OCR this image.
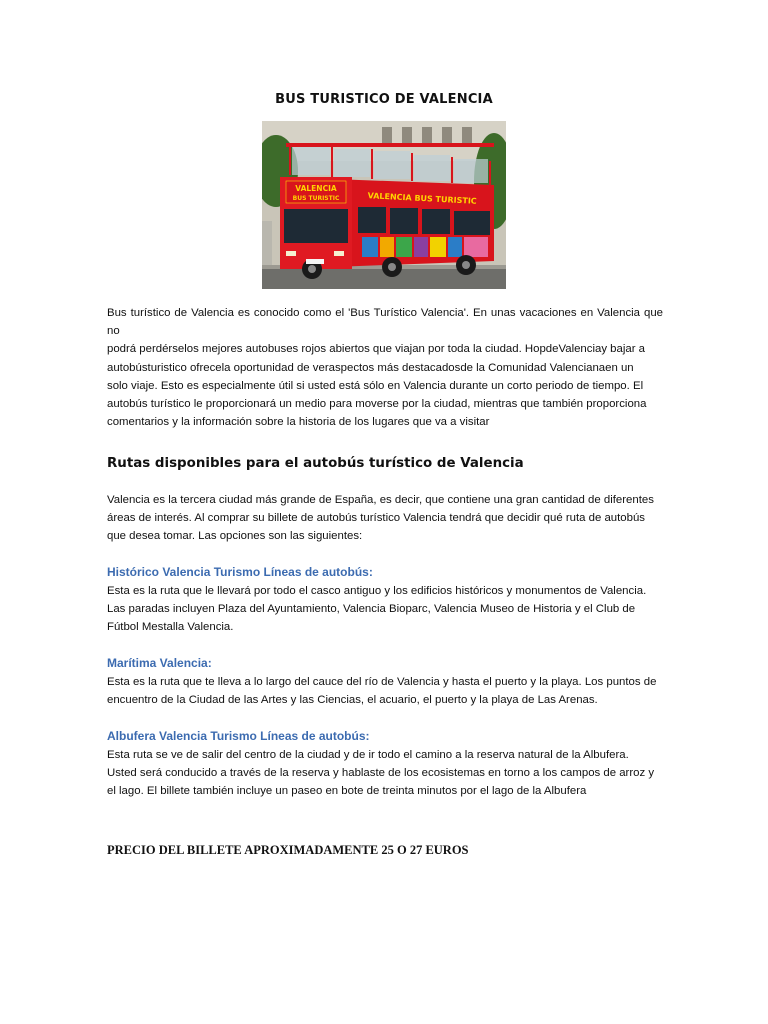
BUS TURISTICO DE VALENCIA
VALENCIA
BUS TURISTIC	VALENCIA BUS TURISTIC
Bus turístico de Valencia es conocido como el 'Bus Turístico Valencia'. En unas vacaciones en Valencia que no
podrá perdérselos mejores autobuses rojos abiertos que viajan por toda la ciudad. HopdeValenciay bajar a
autobústuristico ofrecela oportunidad de veraspectos más destacadosde la Comunidad Valencianaen un
solo viaje. Esto es especialmente útil si usted está sólo en Valencia durante un corto periodo de tiempo. El
autobús turístico le proporcionará un medio para moverse por la ciudad, mientras que también proporciona
comentarios y la información sobre la historia de los lugares que va a visitar
Rutas disponibles para el autobús turístico de Valencia
Valencia es la tercera ciudad más grande de España, es decir, que contiene una gran cantidad de diferentes
áreas de interés. Al comprar su billete de autobús turístico Valencia tendrá que decidir qué ruta de autobús
que desea tomar. Las opciones son las siguientes:
Histórico Valencia Turismo Líneas de autobús:
Esta es la ruta que le llevará por todo el casco antiguo y los edificios históricos y monumentos de Valencia.
Las paradas incluyen Plaza del Ayuntamiento, Valencia Bioparc, Valencia Museo de Historia y el Club de
Fútbol Mestalla Valencia.
Marítima Valencia:
Esta es la ruta que te lleva a lo largo del cauce del río de Valencia y hasta el puerto y la playa. Los puntos de
encuentro de la Ciudad de las Artes y las Ciencias, el acuario, el puerto y la playa de Las Arenas.
Albufera Valencia Turismo Líneas de autobús:
Esta ruta se ve de salir del centro de la ciudad y de ir todo el camino a la reserva natural de la Albufera.
Usted será conducido a través de la reserva y hablaste de los ecosistemas en torno a los campos de arroz y
el lago. El billete también incluye un paseo en bote de treinta minutos por el lago de la Albufera
PRECIO DEL BILLETE APROXIMADAMENTE 25 O 27 EUROS
